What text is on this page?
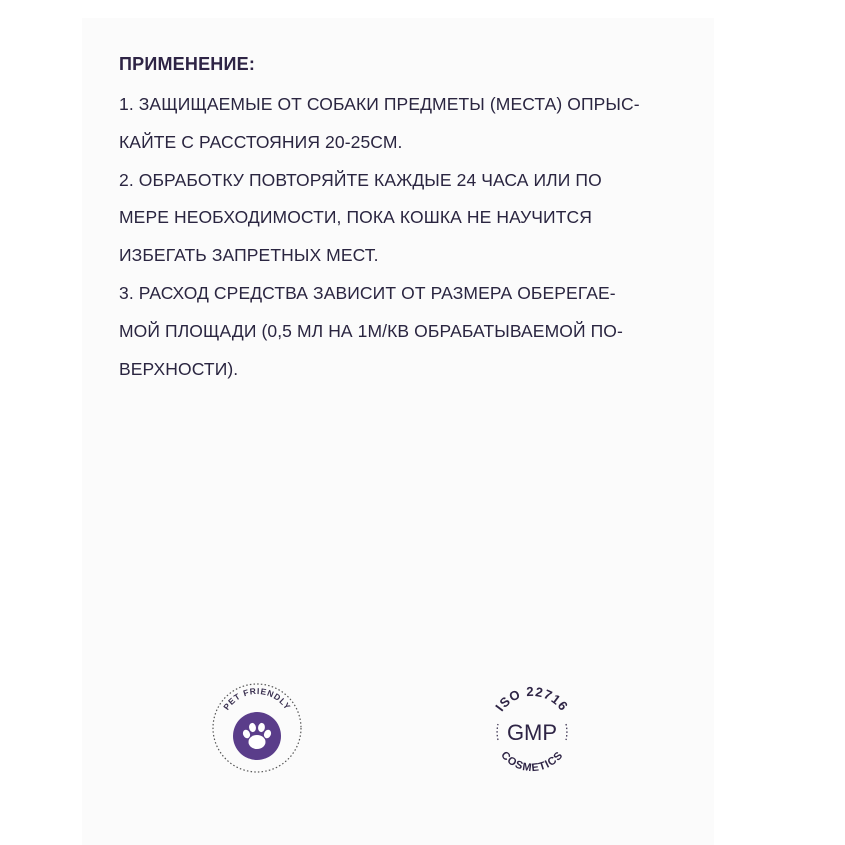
ПРИМЕНЕНИЕ:
1. ЗАЩИЩАЕМЫЕ ОТ СОБАКИ ПРЕДМЕТЫ (МЕСТА) ОПРЫС-
КАЙТЕ С РАССТОЯНИЯ 20-25СМ.
2. ОБРАБОТКУ ПОВТОРЯЙТЕ КАЖДЫЕ 24 ЧАСА ИЛИ ПО
МЕРЕ НЕОБХОДИМОСТИ, ПОКА КОШКА НЕ НАУЧИТСЯ
ИЗБЕГАТЬ ЗАПРЕТНЫХ МЕСТ.
3. РАСХОД СРЕДСТВА ЗАВИСИТ ОТ РАЗМЕРА ОБЕРЕГАЕ-
МОЙ ПЛОЩАДИ (0,5 МЛ НА 1М/КВ ОБРАБАТЫВАЕМОЙ ПО-
ВЕРХНОСТИ).
PET FRIENDLY	ISO 22716
GMP
COSMETICS
